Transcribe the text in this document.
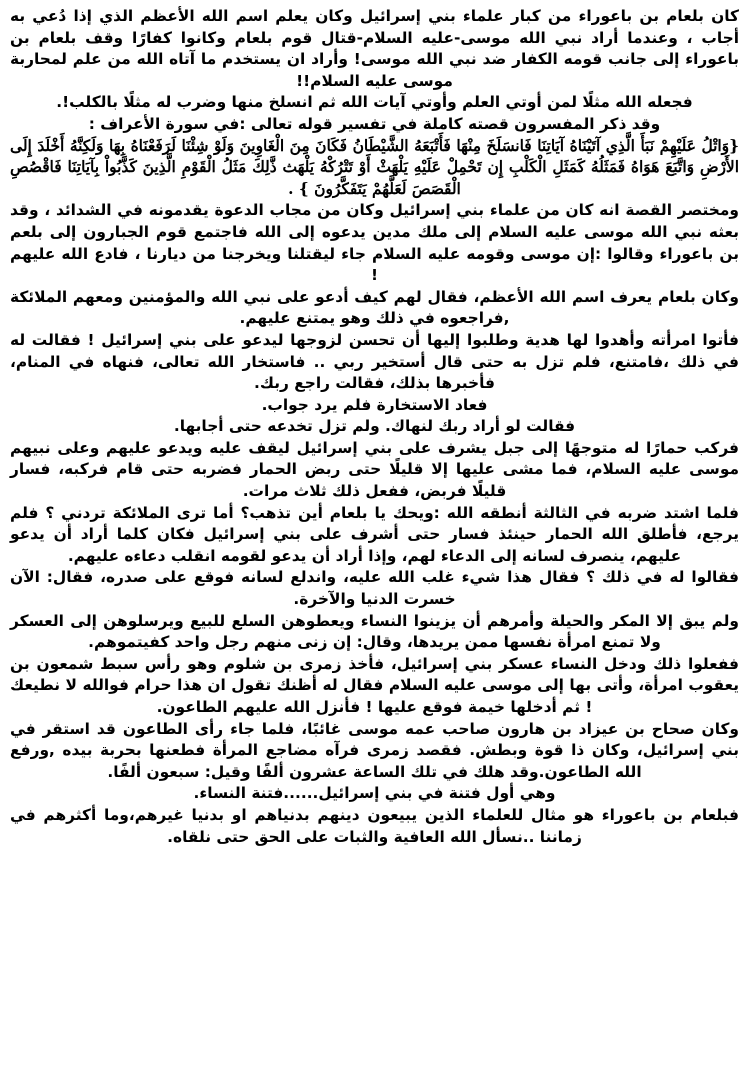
كان بلعام بن باعوراء من كبار علماء بني إسرائيل وكان يعلم اسم الله الأعظم الذي إذا دُعي به أجاب ، وعندما أراد نبي الله موسى-عليه السلام-قتال قوم بلعام وكانوا كفارًا وقف بلعام بن باعوراء إلى جانب قومه الكفار ضد نبي الله موسى! وأراد ان يستخدم ما آتاه الله من علم لمحاربة موسى عليه السلام!!

فجعله الله مثلًا لمن أوتي العلم وأوتي آيات الله ثم انسلخ منها وضرب له مثلًا بالكلب!.

وقد ذكر المفسرون قصته كاملة في تفسير قوله تعالى :في سورة الأعراف :

{وَاتْلُ عَلَيْهِمْ نَبَأَ الَّذِي آتَيْنَاهُ آيَاتِنَا فَانسَلَخَ مِنْهَا فَأَتْبَعَهُ الشَّيْطَانُ فَكَانَ مِنَ الْغَاوِينَ وَلَوْ شِئْنَا لَرَفَعْنَاهُ بِهَا وَلَكِنَّهُ أَخْلَدَ إِلَى الأَرْضِ وَاتَّبَعَ هَوَاهُ فَمَثَلُهُ كَمَثَلِ الْكَلْبِ إِن تَحْمِلْ عَلَيْهِ يَلْهَثْ أَوْ تَتْرُكْهُ يَلْهَث ذَّلِكَ مَثَلُ الْقَوْمِ الَّذِينَ كَذَّبُواْ بِآيَاتِنَا فَاقْصُصِ الْقَصَصَ لَعَلَّهُمْ يَتَفَكَّرُونَ } .

ومختصر القصة انه كان من علماء بني إسرائيل وكان من مجاب الدعوة يقدمونه في الشدائد ، وقد بعثه نبي الله موسى عليه السلام إلى ملك مدين يدعوه إلى الله فاجتمع قوم الجبارون إلى بلعم بن باعوراء وقالوا :إن موسى وقومه عليه السلام جاء ليقتلنا ويخرجنا من ديارنا ، فادع الله عليهم !

وكان بلعام يعرف اسم الله الأعظم، فقال لهم كيف أدعو على نبي الله والمؤمنين ومعهم الملائكة ,فراجعوه في ذلك وهو يمتنع عليهم.

فأتوا امرأته وأهدوا لها هدية وطلبوا إليها أن تحسن لزوجها ليدعو على بني إسرائيل ! فقالت له في ذلك ،فامتنع، فلم تزل به حتى قال أستخير ربي .. فاستخار الله تعالى، فنهاه في المنام، فأخبرها بذلك، فقالت راجع ربك.

فعاد الاستخارة فلم يرد جواب.

فقالت لو أراد ربك لنهاك. ولم تزل تخدعه حتى أجابها.

فركب حمارًا له متوجهًا إلى جبل يشرف على بني إسرائيل ليقف عليه ويدعو عليهم وعلى نبيهم موسى عليه السلام، فما مشى عليها إلا قليلًا حتى ربض الحمار فضربه حتى قام فركبه، فسار قليلًا فربض، ففعل ذلك ثلاث مرات.

فلما اشتد ضربه في الثالثة أنطقه الله :ويحك يا بلعام أين تذهب؟ أما ترى الملائكة تردني ؟ فلم يرجع، فأطلق الله الحمار حينئذ فسار حتى أشرف على بني إسرائيل فكان كلما أراد أن يدعو عليهم، ينصرف لسانه إلى الدعاء لهم، وإذا أراد أن يدعو لقومه انقلب دعاءه عليهم.

فقالوا له في ذلك ؟ فقال هذا شيء غلب الله عليه، واندلع لسانه فوقع على صدره، فقال: الآن خسرت الدنيا والآخرة.

ولم يبق إلا المكر والحيلة وأمرهم أن يزينوا النساء ويعطوهن السلع للبيع ويرسلوهن إلى العسكر ولا تمنع امرأة نفسها ممن يريدها، وقال: إن زنى منهم رجل واحد كفيتموهم.

ففعلوا ذلك ودخل النساء عسكر بني إسرائيل، فأخذ زمرى بن شلوم وهو رأس سبط شمعون بن يعقوب امرأة، وأتى بها إلى موسى عليه السلام فقال له أظنك تقول ان هذا حرام فوالله لا نطيعك ! ثم أدخلها خيمة فوقع عليها ! فأنزل الله عليهم الطاعون.

وكان صحاح بن عيزاد بن هارون صاحب عمه موسى غائبًا، فلما جاء رأى الطاعون قد استقر في بني إسرائيل، وكان ذا قوة وبطش. فقصد زمرى فرآه مضاجع المرأة فطعنها بحربة بيده ,ورفع الله الطاعون.وقد هلك في تلك الساعة عشرون ألفًا وقيل: سبعون ألفًا.

وهي أول فتنة في بني إسرائيل......فتنة النساء.

فبلعام بن باعوراء هو مثال للعلماء الذين يبيعون دينهم بدنياهم او بدنيا غيرهم،وما أكثرهم في زماننا ..نسأل الله العافية والثبات على الحق حتى نلقاه.
